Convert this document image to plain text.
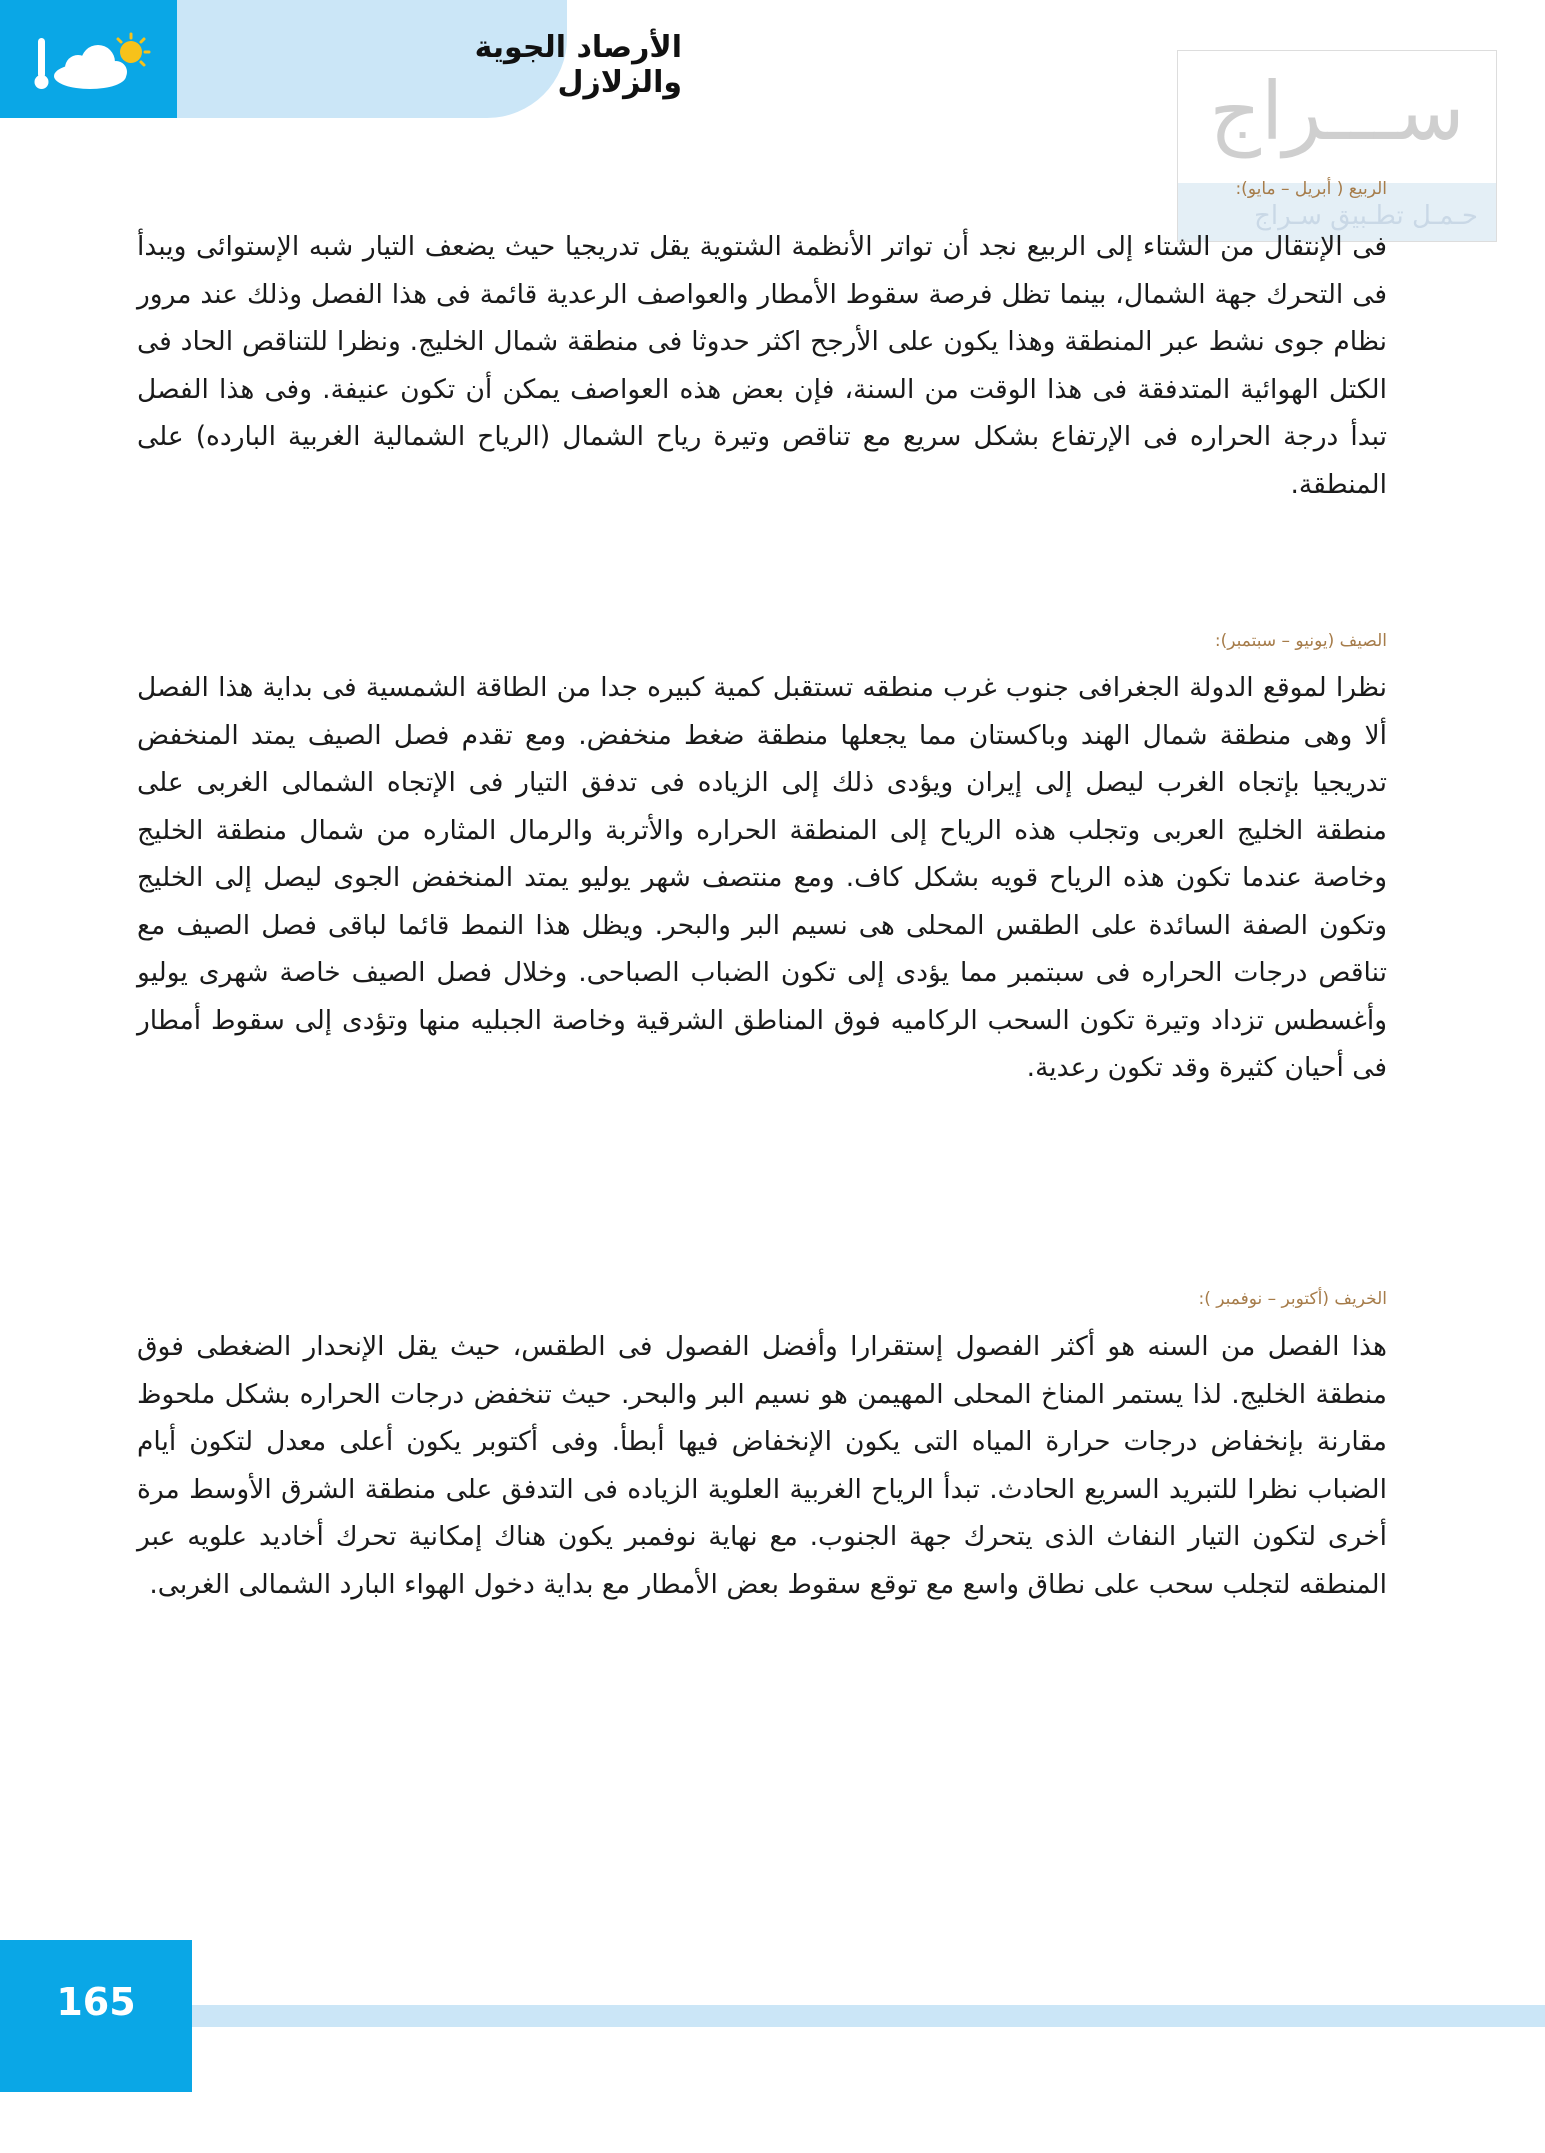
الأرصاد الجوية والزلازل	ســـراج
حـمـل تطـبيق سـراج

الربيع ( أبريل – مايو):

فى الإنتقال من الشتاء إلى الربيع نجد أن تواتر الأنظمة الشتوية يقل تدريجيا حيث يضعف التيار شبه الإستوائى ويبدأ فى التحرك جهة الشمال، بينما تظل فرصة سقوط الأمطار والعواصف الرعدية قائمة فى هذا الفصل وذلك عند مرور نظام جوى نشط عبر المنطقة وهذا يكون على الأرجح اكثر حدوثا فى منطقة شمال الخليج. ونظرا للتناقص الحاد فى الكتل الهوائية المتدفقة فى هذا الوقت من السنة، فإن بعض هذه العواصف يمكن أن تكون عنيفة. وفى هذا الفصل تبدأ درجة الحراره فى الإرتفاع بشكل سريع مع تناقص وتيرة رياح الشمال (الرياح الشمالية الغربية البارده) على المنطقة.

الصيف (يونيو – سبتمبر):

نظرا لموقع الدولة الجغرافى جنوب غرب منطقه تستقبل كمية كبيره جدا من الطاقة الشمسية فى بداية هذا الفصل ألا وهى منطقة شمال الهند وباكستان مما يجعلها منطقة ضغط منخفض. ومع تقدم فصل الصيف يمتد المنخفض تدريجيا بإتجاه الغرب ليصل إلى إيران ويؤدى ذلك إلى الزياده فى تدفق التيار فى الإتجاه الشمالى الغربى على منطقة الخليج العربى وتجلب هذه الرياح إلى المنطقة الحراره والأتربة والرمال المثاره من شمال منطقة الخليج وخاصة عندما تكون هذه الرياح قويه بشكل كاف. ومع منتصف شهر يوليو يمتد المنخفض الجوى ليصل إلى الخليج وتكون الصفة السائدة على الطقس المحلى هى نسيم البر والبحر. ويظل هذا النمط قائما لباقى فصل الصيف مع تناقص درجات الحراره فى سبتمبر مما يؤدى إلى تكون الضباب الصباحى. وخلال فصل الصيف خاصة شهرى يوليو وأغسطس تزداد وتيرة تكون السحب الركاميه فوق المناطق الشرقية وخاصة الجبليه منها وتؤدى إلى سقوط أمطار فى أحيان كثيرة وقد تكون رعدية.

الخريف (أكتوبر – نوفمبر ):

هذا الفصل من السنه هو أكثر الفصول إستقرارا وأفضل الفصول فى الطقس، حيث يقل الإنحدار الضغطى فوق منطقة الخليج. لذا يستمر المناخ المحلى المهيمن هو نسيم البر والبحر. حيث تنخفض درجات الحراره بشكل ملحوظ مقارنة بإنخفاض درجات حرارة المياه التى يكون الإنخفاض فيها أبطأ. وفى أكتوبر يكون أعلى معدل لتكون أيام الضباب نظرا للتبريد السريع الحادث. تبدأ الرياح الغربية العلوية الزياده فى التدفق على منطقة الشرق الأوسط مرة أخرى لتكون التيار النفاث الذى يتحرك جهة الجنوب. مع نهاية نوفمبر يكون هناك إمكانية تحرك أخاديد علويه عبر المنطقه لتجلب سحب على نطاق واسع مع توقع سقوط بعض الأمطار مع بداية دخول الهواء البارد الشمالى الغربى.

165
